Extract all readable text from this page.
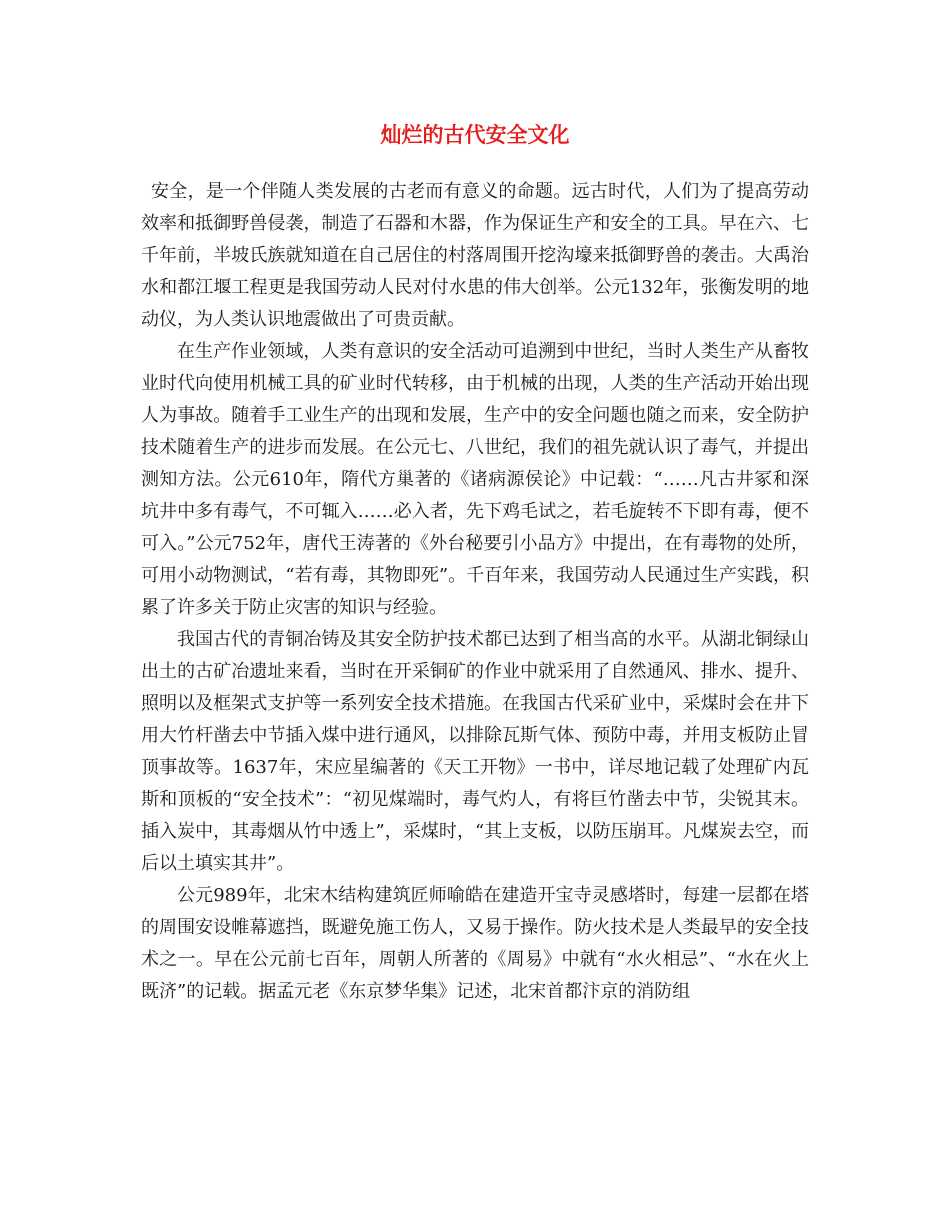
灿烂的古代安全文化

安全，是一个伴随人类发展的古老而有意义的命题。远古时代，人们为了提高劳动效率和抵御野兽侵袭，制造了石器和木器，作为保证生产和安全的工具。早在六、七千年前，半坡氏族就知道在自己居住的村落周围开挖沟壕来抵御野兽的袭击。大禹治水和都江堰工程更是我国劳动人民对付水患的伟大创举。公元132年，张衡发明的地动仪，为人类认识地震做出了可贵贡献。

在生产作业领域，人类有意识的安全活动可追溯到中世纪，当时人类生产从畜牧业时代向使用机械工具的矿业时代转移，由于机械的出现，人类的生产活动开始出现人为事故。随着手工业生产的出现和发展，生产中的安全问题也随之而来，安全防护技术随着生产的进步而发展。在公元七、八世纪，我们的祖先就认识了毒气，并提出测知方法。公元610年，隋代方巢著的《诸病源侯论》中记载：“……凡古井冢和深坑井中多有毒气，不可辄入……必入者，先下鸡毛试之，若毛旋转不下即有毒，便不可入。”公元752年，唐代王涛著的《外台秘要引小品方》中提出，在有毒物的处所，可用小动物测试，“若有毒，其物即死”。千百年来，我国劳动人民通过生产实践，积累了许多关于防止灾害的知识与经验。

我国古代的青铜冶铸及其安全防护技术都已达到了相当高的水平。从湖北铜绿山出土的古矿冶遗址来看，当时在开采铜矿的作业中就采用了自然通风、排水、提升、照明以及框架式支护等一系列安全技术措施。在我国古代采矿业中，采煤时会在井下用大竹杆凿去中节插入煤中进行通风，以排除瓦斯气体、预防中毒，并用支板防止冒顶事故等。1637年，宋应星编著的《天工开物》一书中，详尽地记载了处理矿内瓦斯和顶板的“安全技术”：“初见煤端时，毒气灼人，有将巨竹凿去中节，尖锐其末。插入炭中，其毒烟从竹中透上”，采煤时，“其上支板，以防压崩耳。凡煤炭去空，而后以土填实其井”。

公元989年，北宋木结构建筑匠师喻皓在建造开宝寺灵感塔时，每建一层都在塔的周围安设帷幕遮挡，既避免施工伤人，又易于操作。防火技术是人类最早的安全技术之一。早在公元前七百年，周朝人所著的《周易》中就有“水火相忌”、“水在火上既济”的记载。据孟元老《东京梦华集》记述，北宋首都汴京的消防组
